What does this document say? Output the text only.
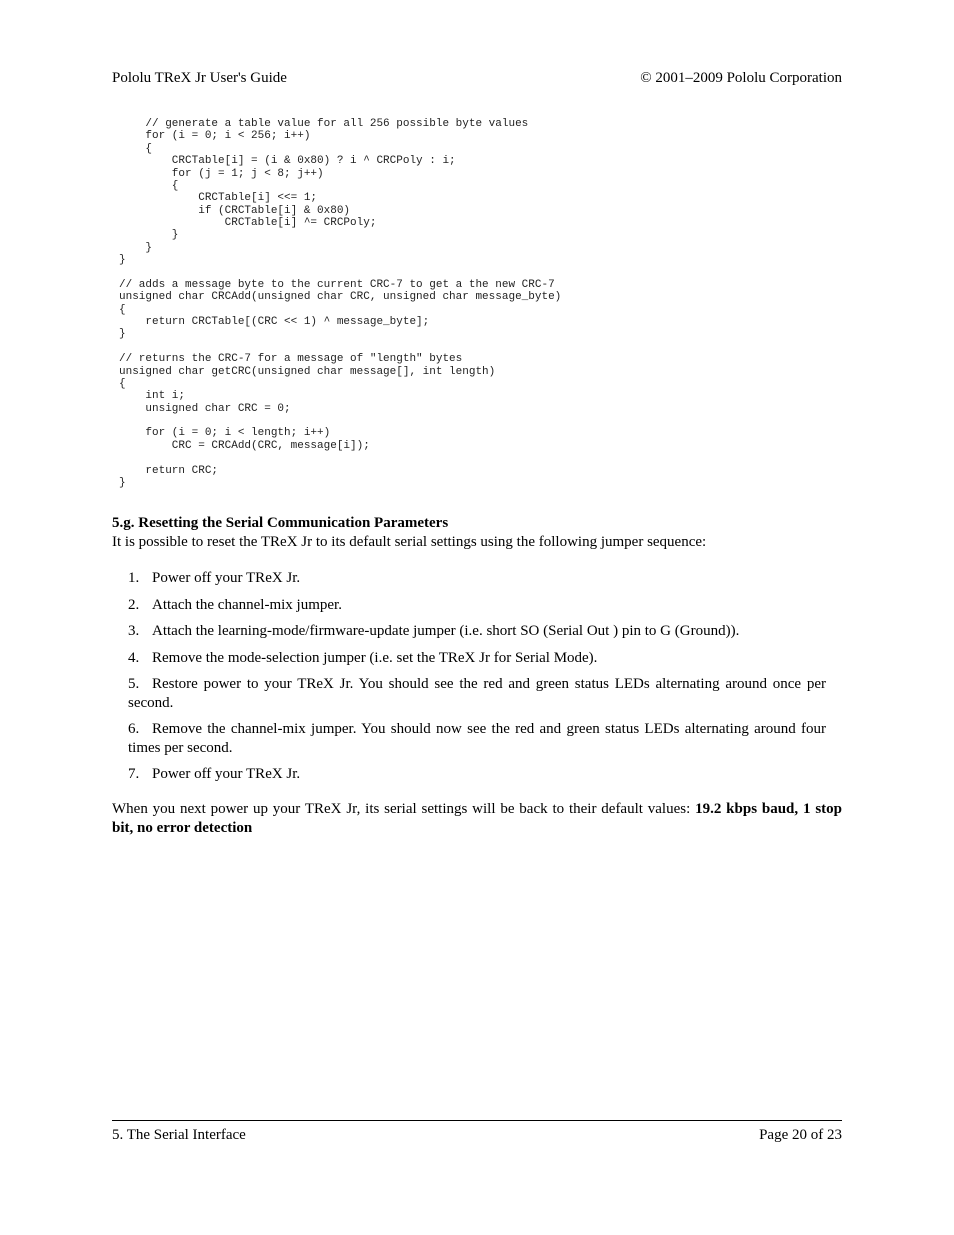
Pololu TReX Jr User's Guide	© 2001–2009 Pololu Corporation
// generate a table value for all 256 possible byte values
for (i = 0; i < 256; i++)
{
CRCTable[i] = (i & 0x80) ? i ^ CRCPoly : i;
for (j = 1; j < 8; j++)
{
CRCTable[i] <<= 1;
if (CRCTable[i] & 0x80)
CRCTable[i] ^= CRCPoly;
}
}
}

// adds a message byte to the current CRC-7 to get a the new CRC-7
unsigned char CRCAdd(unsigned char CRC, unsigned char message_byte)
{
return CRCTable[(CRC << 1) ^ message_byte];
}

// returns the CRC-7 for a message of "length" bytes
unsigned char getCRC(unsigned char message[], int length)
{
int i;
unsigned char CRC = 0;

for (i = 0; i < length; i++)
CRC = CRCAdd(CRC, message[i]);

return CRC;
}
5.g. Resetting the Serial Communication Parameters
It is possible to reset the TReX Jr to its default serial settings using the following jumper sequence:
1. Power off your TReX Jr.
2. Attach the channel-mix jumper.
3. Attach the learning-mode/firmware-update jumper (i.e. short SO (Serial Out ) pin to G (Ground)).
4. Remove the mode-selection jumper (i.e. set the TReX Jr for Serial Mode).
5. Restore power to your TReX Jr. You should see the red and green status LEDs alternating around once per second.
6. Remove the channel-mix jumper. You should now see the red and green status LEDs alternating around four times per second.
7. Power off your TReX Jr.
When you next power up your TReX Jr, its serial settings will be back to their default values: 19.2 kbps baud, 1 stop bit, no error detection
5. The Serial Interface	Page 20 of 23
